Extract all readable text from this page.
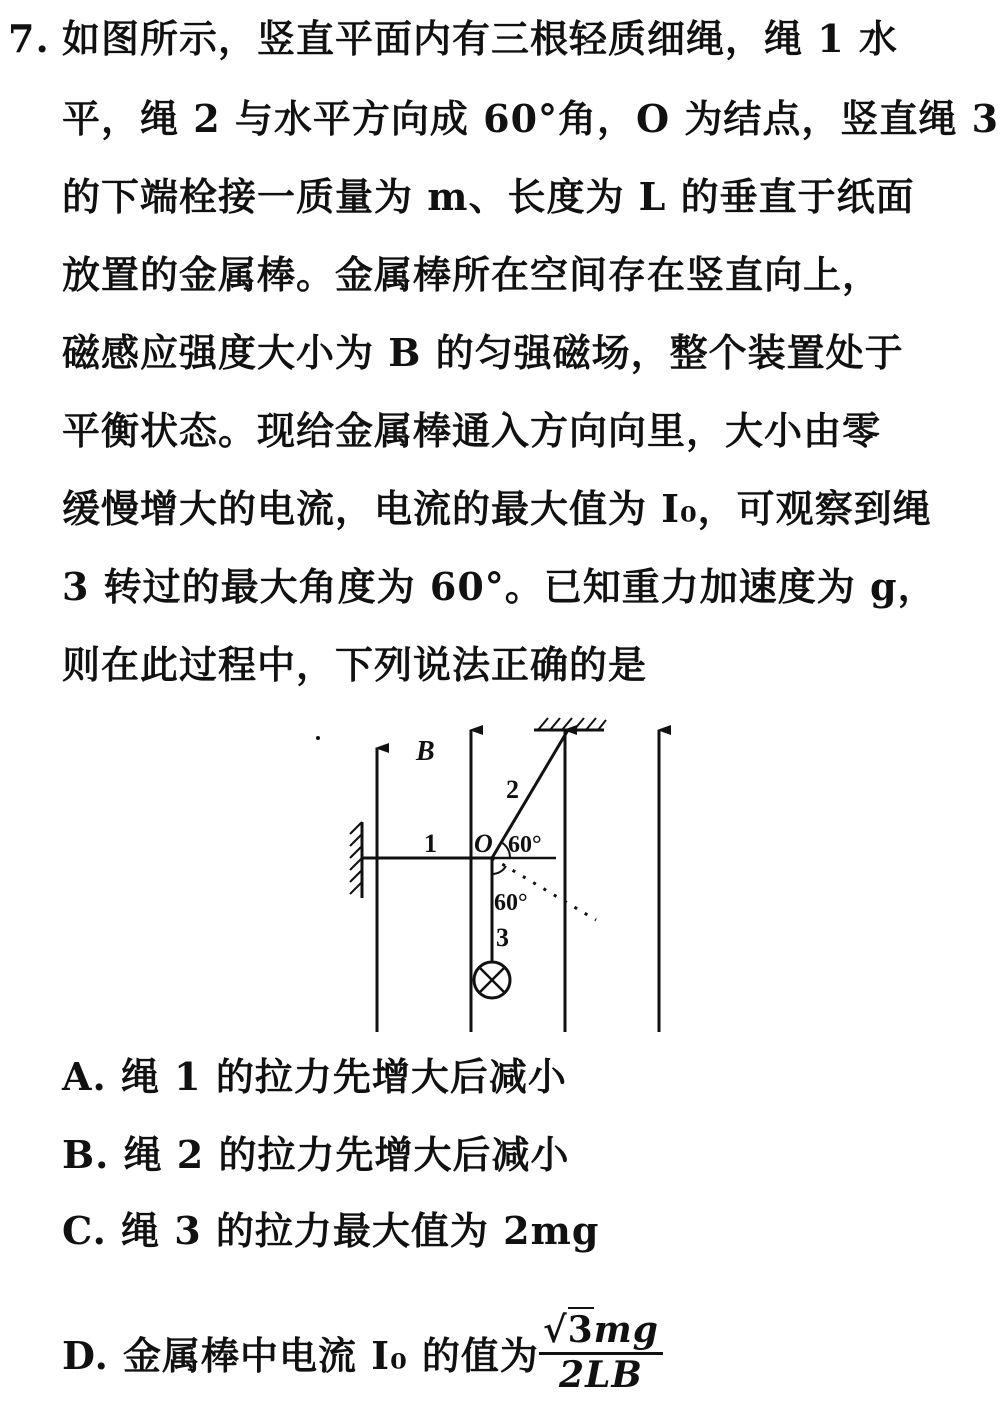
如图所示，竖直平面内有三根轻质细绳，绳 1 水
7.
平，绳 2 与水平方向成 60°角，O 为结点，竖直绳 3
的下端栓接一质量为 m、长度为 L 的垂直于纸面
放置的金属棒。金属棒所在空间存在竖直向上，
磁感应强度大小为 B 的匀强磁场，整个装置处于
平衡状态。现给金属棒通入方向向里，大小由零
缓慢增大的电流，电流的最大值为 I₀，可观察到绳
3 转过的最大角度为 60°。已知重力加速度为 g，
则在此过程中，下列说法正确的是
B
2
1 O 60°
60°
3
A. 绳 1 的拉力先增大后减小
B. 绳 2 的拉力先增大后减小
C. 绳 3 的拉力最大值为 2mg
D. 金属棒中电流 I₀ 的值为 $\frac{√3mg}{2LB}$
